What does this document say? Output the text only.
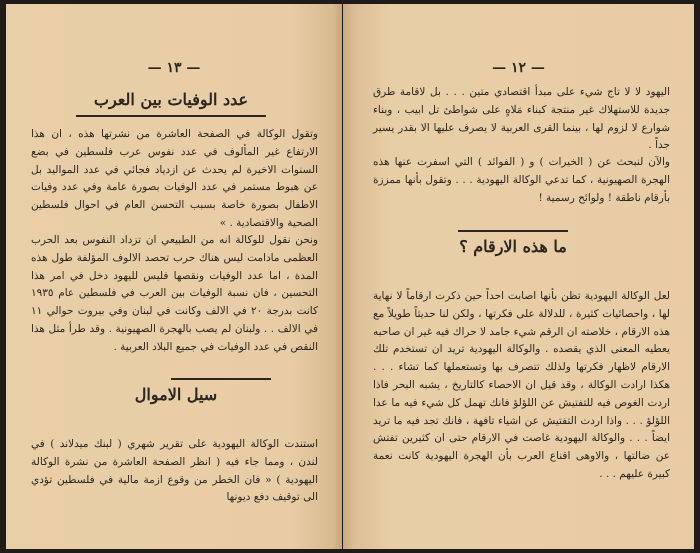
— ١٣ —
عدد الوفيات بين العرب
وتقول الوكالة في الصفحة العاشرة من نشرتها هذه ، ان هذا الارتفاع غير المألوف في عدد نفوس عرب فلسطين في بضع السنوات الاخيرة لم يحدث عن ازدياد فجائي في عدد المواليد بل عن هبوط مستمر في عدد الوفيات بصورة عامة وفي عدد وفيات الاطفال بصورة خاصة بسبب التحسن العام في احوال فلسطين الصحية والاقتصادية . »
ونحن نقول للوكالة انه من الطبيعي ان تزداد النفوس بعد الحرب العظمى مادامت ليس هناك حرب تحصد الالوف المؤلفة طول هذه المدة ، اما عدد الوفيات ونقصها فليس لليهود دخل في امر هذا التحسين ، فان نسبة الوفيات بين العرب في فلسطين عام ١٩٣٥ كانت بدرجة ٢٠ في الالف وكانت في لبنان وفي بيروت حوالي ١١ في الالف . . ولبنان لم يصب بالهجرة الصهيونية . وقد طرأ مثل هذا النقص في عدد الوفيات في جميع البلاد العربية .
سيل الاموال
استندت الوكالة اليهودية على تقرير شهري ( لبنك ميدلاند ) في لندن ، ومما جاء فيه ( انظر الصفحة العاشرة من نشرة الوكالة اليهودية ) « فان الخطر من وقوع ازمة مالية في فلسطين تؤدي الى توقيف دفع ديونها
— ١٢ —
اليهود لا لا تاج شيء على مبدأ اقتصادي متين . . . بل لاقامة طرق جديدة للاستهلاك غير منتجة كبناء مَلاهٍ على شواطئ تل ابيب ، وبناء شوارع لا لزوم لها ، بينما القرى العربية لا يصرف عليها الا بقدر يسير جداً .
والآن لنبحث عن ( الخيرات ) و ( الفوائد ) التي اسفرت عنها هذه الهجرة الصهيونية ، كما تدعي الوكالة اليهودية . . . وتقول بأنها ممززة بأرقام ناطقة ! ولوائح رسمية !
ما هذه الارقام ؟
لعل الوكالة اليهودية تظن بأنها اصابت احداً حين ذكرت ارقاماً لا نهاية لها ، واحصائيات كثيرة ، للدلالة على فكرتها ، ولكن لنا حديثاً طويلاً مع هذه الارقام ، خلاصته ان الرقم شيء جامد لا حراك فيه غير ان صاحبه يعطيه المعنى الذي يقصده . والوكالة اليهودية تريد ان تستخدم تلك الارقام لاظهار فكرتها ولذلك تتصرف بها وتستعملها كما تشاء . . . هكذا ارادت الوكالة ، وقد قيل ان الاحصاء كالتاريخ ، يشبه البحر فاذا اردت الغوص فيه للتفتيش عن اللؤلؤ فانك تهمل كل شيء فيه ما عدا اللؤلؤ . . . واذا اردت التفتيش عن اشياء تافهة ، فانك تجد فيه ما تريد ايضاً . . . والوكالة اليهودية غاصت في الارقام حتى ان كثيرين تفتش عن ضالتها ، والاوهى اقناع العرب بأن الهجرة اليهودية كانت نعمة كبيرة عليهم . . .
